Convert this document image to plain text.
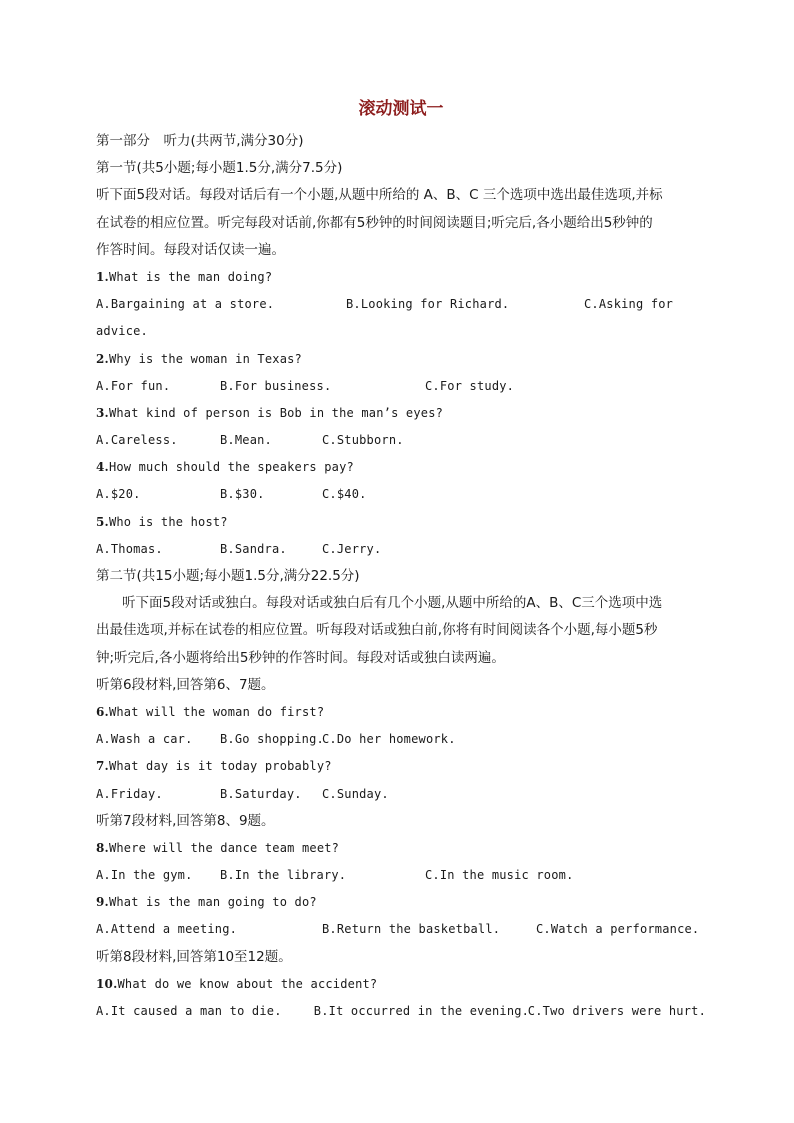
滚动测试一
第一部分　听力(共两节,满分30分)
第一节(共5小题;每小题1.5分,满分7.5分)
听下面5段对话。每段对话后有一个小题,从题中所给的 A、B、C 三个选项中选出最佳选项,并标
在试卷的相应位置。听完每段对话前,你都有5秒钟的时间阅读题目;听完后,各小题给出5秒钟的
作答时间。每段对话仅读一遍。
1.What is the man doing?
A.Bargaining at a store.	B.Looking for Richard.	C.Asking for
advice.
2.Why is the woman in Texas?
A.For fun.	B.For business.	C.For study.
3.What kind of person is Bob in the man’s eyes?
A.Careless.	B.Mean.	C.Stubborn.
4.How much should the speakers pay?
A.$20.	B.$30.	C.$40.
5.Who is the host?
A.Thomas.	B.Sandra.	C.Jerry.
第二节(共15小题;每小题1.5分,满分22.5分)
听下面5段对话或独白。每段对话或独白后有几个小题,从题中所给的A、B、C三个选项中选
出最佳选项,并标在试卷的相应位置。听每段对话或独白前,你将有时间阅读各个小题,每小题5秒
钟;听完后,各小题将给出5秒钟的作答时间。每段对话或独白读两遍。
听第6段材料,回答第6、7题。
6.What will the woman do first?
A.Wash a car.	B.Go shopping.
C.Do her homework.
7.What day is it today probably?
A.Friday.	B.Saturday.	C.Sunday.
听第7段材料,回答第8、9题。
8.Where will the dance team meet?
A.In the gym.	B.In the library.	C.In the music room.
9.What is the man going to do?
A.Attend a meeting.	B.Return the basketball.	C.Watch a performance.
听第8段材料,回答第10至12题。
10.What do we know about the accident?
A.It caused a man to die.	B.It occurred in the evening.
C.Two drivers were hurt.
